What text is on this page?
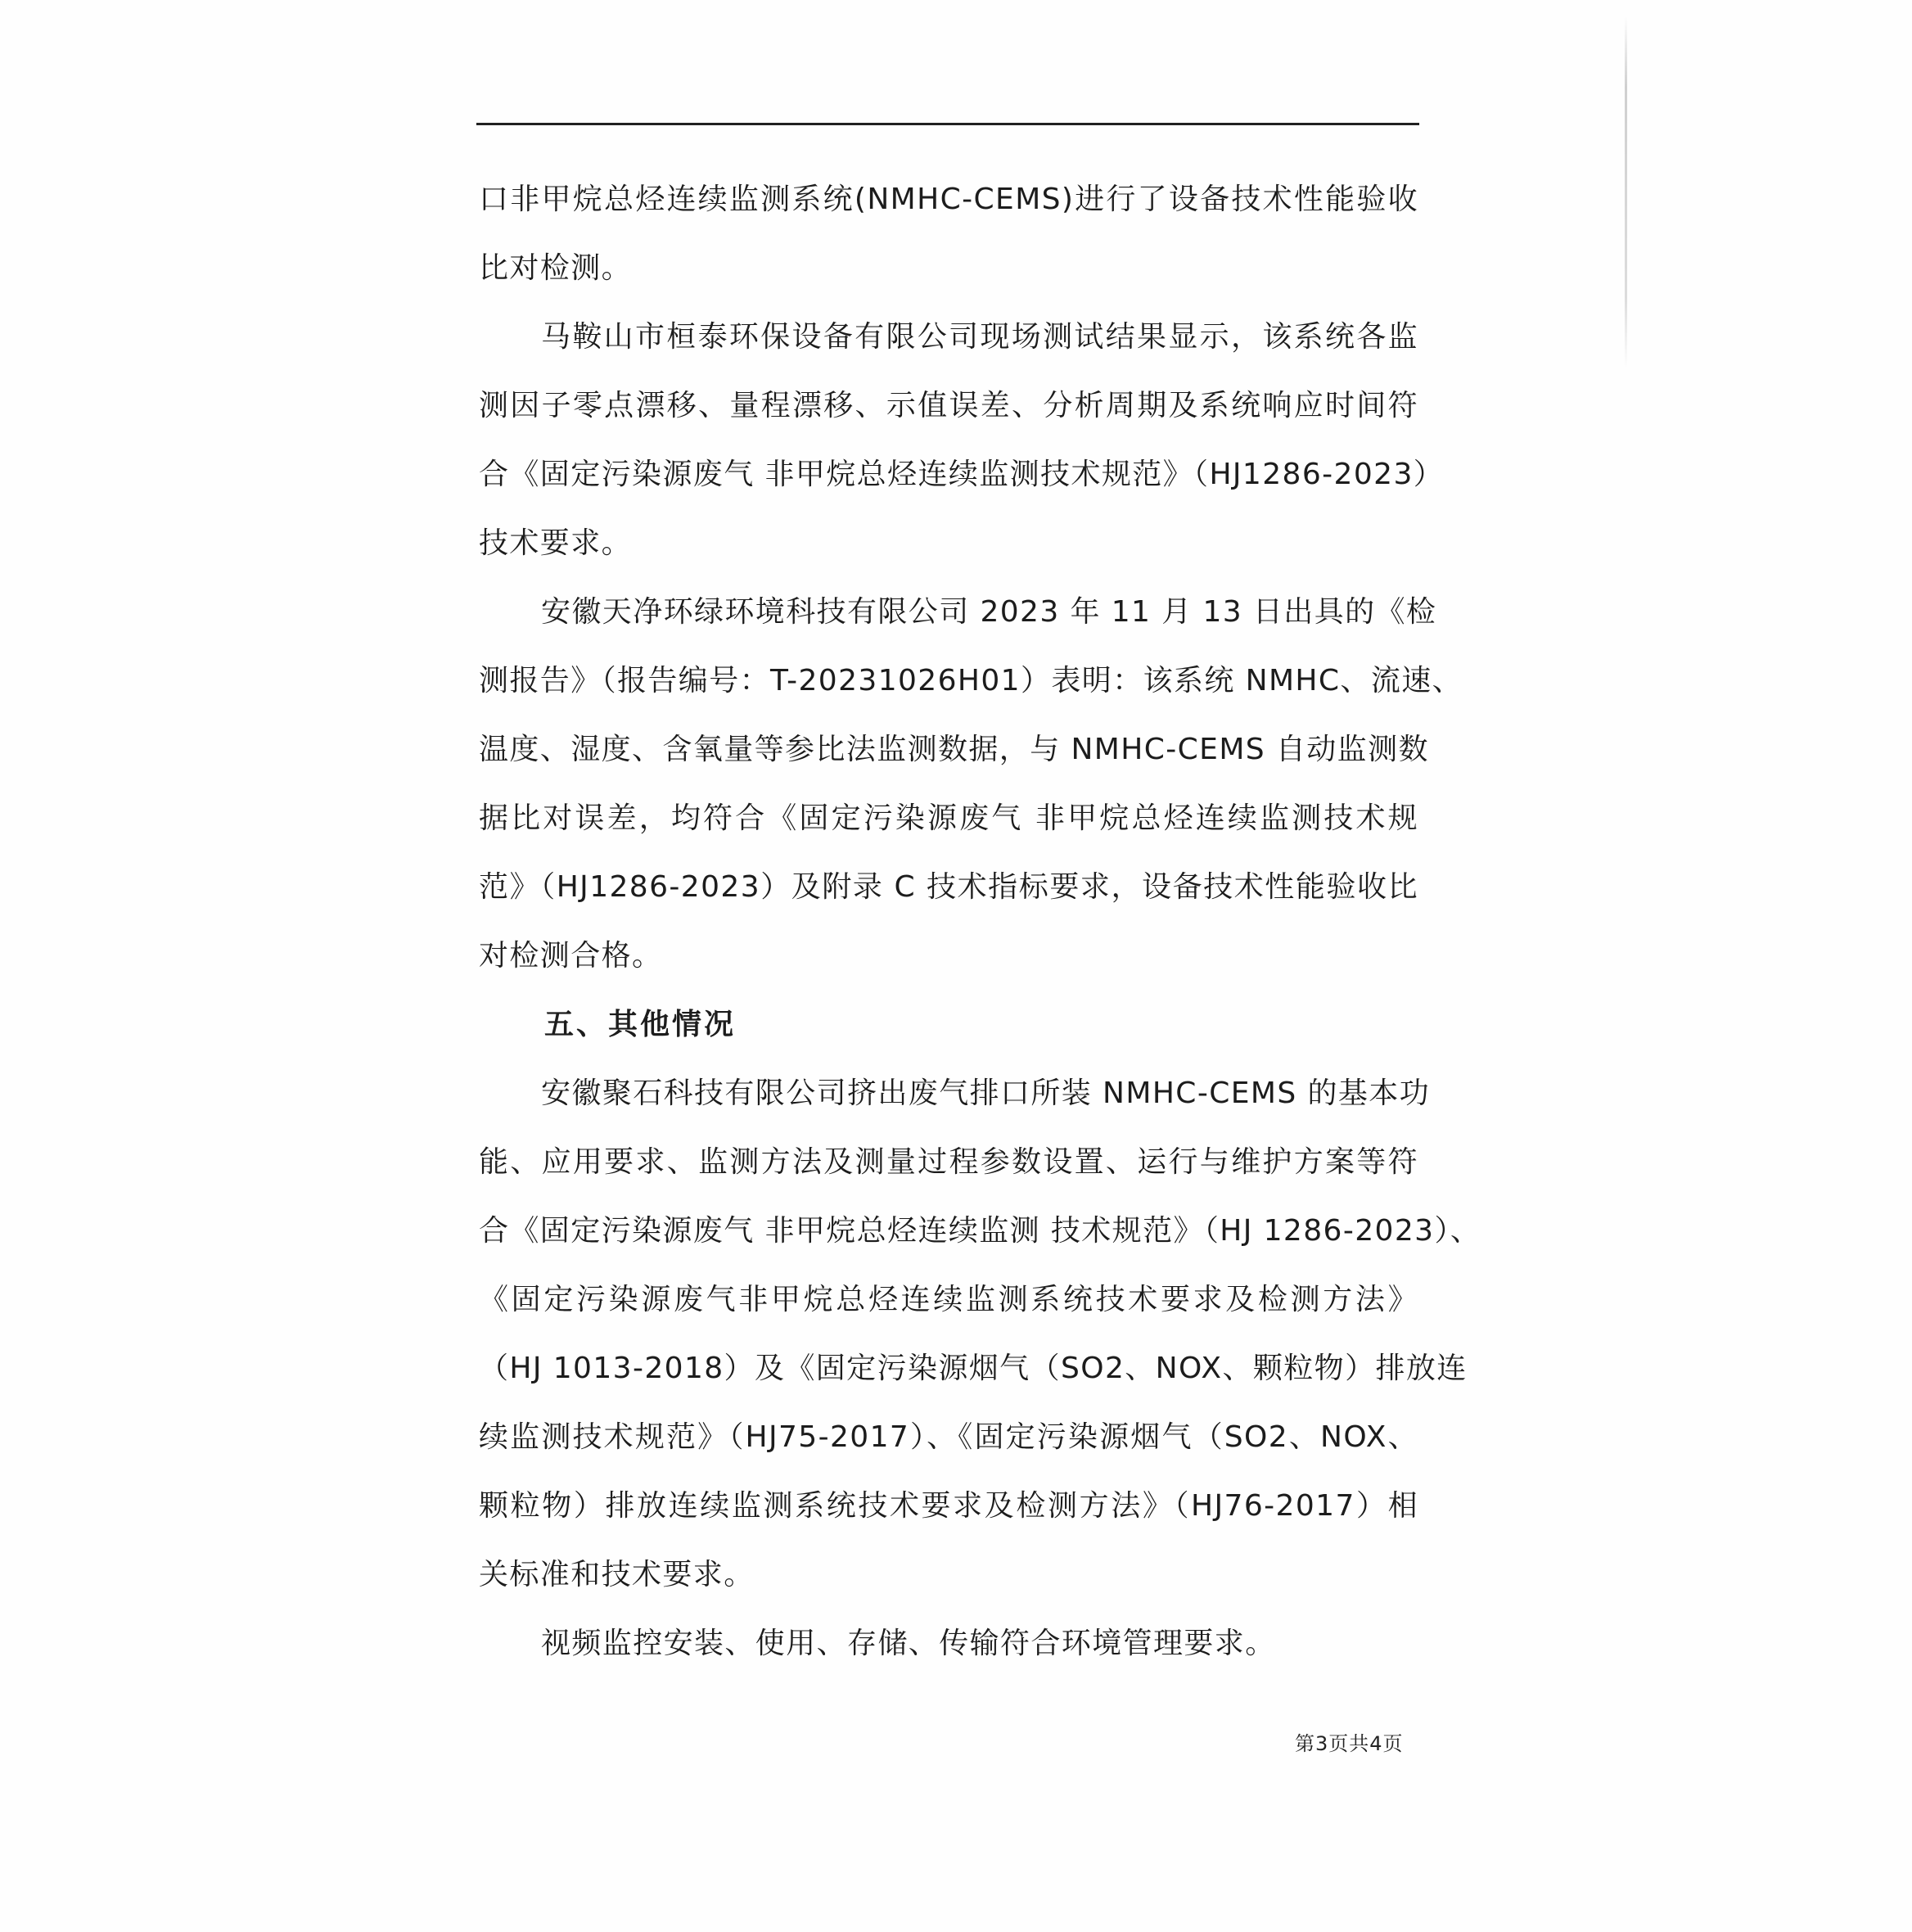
口非甲烷总烃连续监测系统(NMHC-CEMS)进行了设备技术性能验收
比对检测。
马鞍山市桓泰环保设备有限公司现场测试结果显示，该系统各监
测因子零点漂移、量程漂移、示值误差、分析周期及系统响应时间符
合《固定污染源废气 非甲烷总烃连续监测技术规范》（HJ1286-2023）
技术要求。
安徽天净环绿环境科技有限公司 2023 年 11 月 13 日出具的《检
测报告》（报告编号：T-20231026H01）表明：该系统 NMHC、流速、
温度、湿度、含氧量等参比法监测数据，与 NMHC-CEMS 自动监测数
据比对误差，均符合《固定污染源废气 非甲烷总烃连续监测技术规
范》（HJ1286-2023）及附录 C 技术指标要求，设备技术性能验收比
对检测合格。
五、其他情况
安徽聚石科技有限公司挤出废气排口所装 NMHC-CEMS 的基本功
能、应用要求、监测方法及测量过程参数设置、运行与维护方案等符
合《固定污染源废气 非甲烷总烃连续监测 技术规范》（HJ 1286-2023）、
《固定污染源废气非甲烷总烃连续监测系统技术要求及检测方法》
（HJ 1013-2018）及《固定污染源烟气（SO2、NOX、颗粒物）排放连
续监测技术规范》（HJ75-2017）、《固定污染源烟气（SO2、NOX、
颗粒物）排放连续监测系统技术要求及检测方法》（HJ76-2017）相
关标准和技术要求。
视频监控安装、使用、存储、传输符合环境管理要求。
第3页共4页
